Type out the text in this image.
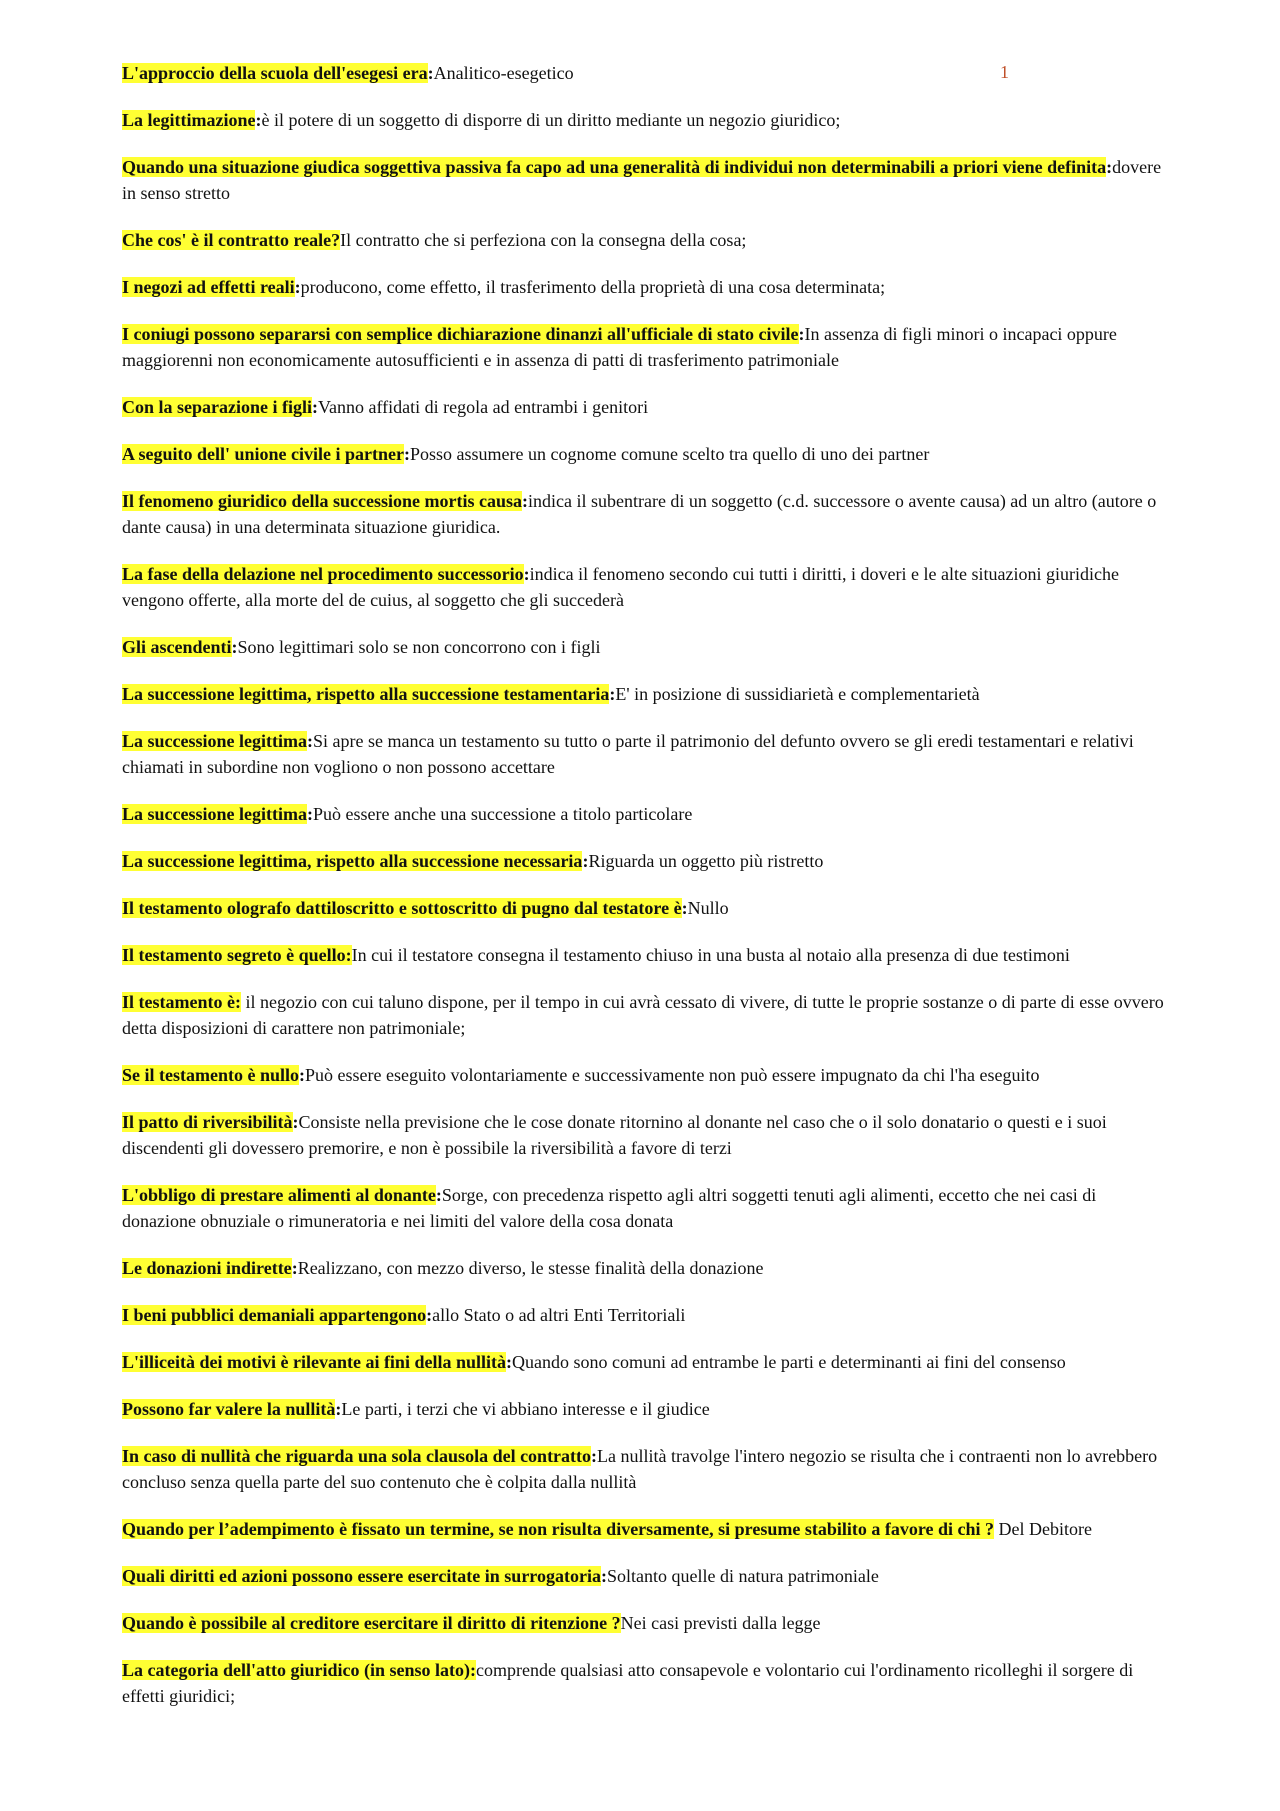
1

L'approccio della scuola dell'esegesi era:Analitico-esegetico

La legittimazione:è il potere di un soggetto di disporre di un diritto mediante un negozio giuridico;

Quando una situazione giudica soggettiva passiva fa capo ad una generalità di individui non determinabili a priori viene definita:dovere in senso stretto

Che cos' è il contratto reale?Il contratto che si perfeziona con la consegna della cosa;

I negozi ad effetti reali:producono, come effetto, il trasferimento della proprietà di una cosa determinata;

I coniugi possono separarsi con semplice dichiarazione dinanzi all'ufficiale di stato civile:In assenza di figli minori o incapaci oppure maggiorenni non economicamente autosufficienti e in assenza di patti di trasferimento patrimoniale

Con la separazione i figli:Vanno affidati di regola ad entrambi i genitori

A seguito dell' unione civile i partner:Posso assumere un cognome comune scelto tra quello di uno dei partner

Il fenomeno giuridico della successione mortis causa:indica il subentrare di un soggetto (c.d. successore o avente causa) ad un altro (autore o dante causa) in una determinata situazione giuridica.

La fase della delazione nel procedimento successorio:indica il fenomeno secondo cui tutti i diritti, i doveri e le alte situazioni giuridiche vengono offerte, alla morte del de cuius, al soggetto che gli succederà

Gli ascendenti:Sono legittimari solo se non concorrono con i figli

La successione legittima, rispetto alla successione testamentaria:E' in posizione di sussidiarietà e complementarietà

La successione legittima:Si apre se manca un testamento su tutto o parte il patrimonio del defunto ovvero se gli eredi testamentari e relativi chiamati in subordine non vogliono o non possono accettare

La successione legittima:Può essere anche una successione a titolo particolare

La successione legittima, rispetto alla successione necessaria:Riguarda un oggetto più ristretto

Il testamento olografo dattiloscritto e sottoscritto di pugno dal testatore è:Nullo

Il testamento segreto è quello:In cui il testatore consegna il testamento chiuso in una busta al notaio alla presenza di due testimoni

Il testamento è: il negozio con cui taluno dispone, per il tempo in cui avrà cessato di vivere, di tutte le proprie sostanze o di parte di esse ovvero detta disposizioni di carattere non patrimoniale;

Se il testamento è nullo:Può essere eseguito volontariamente e successivamente non può essere impugnato da chi l'ha eseguito

Il patto di riversibilità:Consiste nella previsione che le cose donate ritornino al donante nel caso che o il solo donatario o questi e i suoi discendenti gli dovessero premorire, e non è possibile la riversibilità a favore di terzi

L'obbligo di prestare alimenti al donante:Sorge, con precedenza rispetto agli altri soggetti tenuti agli alimenti, eccetto che nei casi di donazione obnuziale o rimuneratoria e nei limiti del valore della cosa donata

Le donazioni indirette:Realizzano, con mezzo diverso, le stesse finalità della donazione

I beni pubblici demaniali appartengono:allo Stato o ad altri Enti Territoriali

L'illiceità dei motivi è rilevante ai fini della nullità:Quando sono comuni ad entrambe le parti e determinanti ai fini del consenso

Possono far valere la nullità:Le parti, i terzi che vi abbiano interesse e il giudice

In caso di nullità che riguarda una sola clausola del contratto:La nullità travolge l'intero negozio se risulta che i contraenti non lo avrebbero concluso senza quella parte del suo contenuto che è colpita dalla nullità

Quando per l’adempimento è fissato un termine, se non risulta diversamente, si presume stabilito a favore di chi ? Del Debitore

Quali diritti ed azioni possono essere esercitate in surrogatoria:Soltanto quelle di natura patrimoniale

Quando è possibile al creditore esercitare il diritto di ritenzione ?Nei casi previsti dalla legge

La categoria dell'atto giuridico (in senso lato):comprende qualsiasi atto consapevole e volontario cui l'ordinamento ricolleghi il sorgere di effetti giuridici;
